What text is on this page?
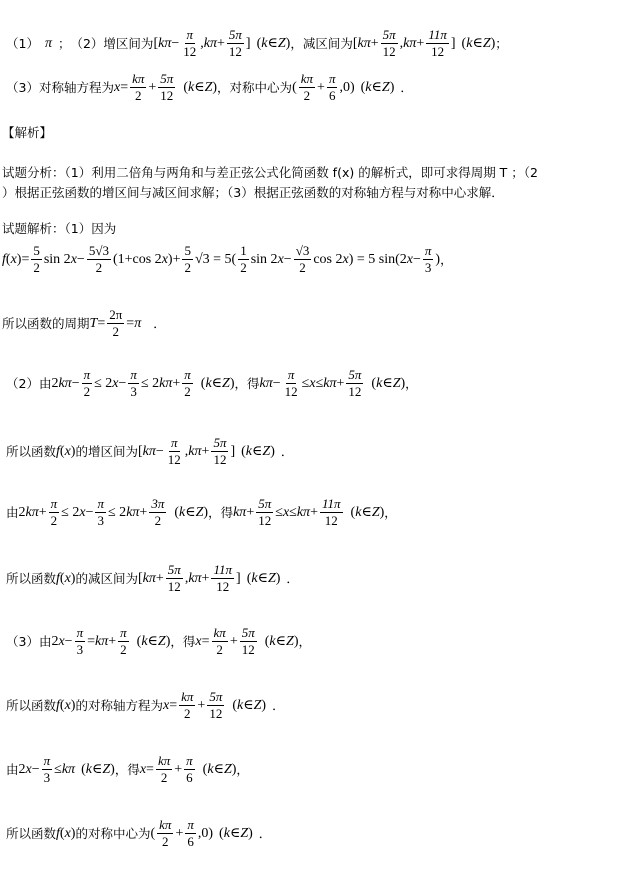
（1） π ； （2）增区间为 [ $k\pi - \frac{\pi}{12}$ , $k\pi + \frac{5\pi}{12}$ ] ( k ∈ Z ) ，减区间为 [ $k\pi + \frac{5\pi}{12}$ , $k\pi + \frac{11\pi}{12}$ ] ( k ∈ Z ) ；
（3）对称轴方程为 $x = \frac{k\pi}{2} + \frac{5\pi}{12}$ ( k ∈ Z ) ，对称中心为 ( $\frac{k\pi}{2} + \frac{\pi}{6} ,0$) ( k ∈ Z ) ．
【解析】
试题分析：（1）利用二倍角与两角和与差正弦公式化简函数 f(x) 的解析式，即可求得周期 T ；（2
）根据正弦函数的增区间与减区间求解；（3）根据正弦函数的对称轴方程与对称中心求解．
试题解析：（1）因为
f ( x )= $\frac{5}{2}$ sin 2 $x - \frac{5√3}{2} (1+\cos$ 2 x )+ $\frac{5}{2} √3 = 5( \frac{1}{2}$ sin 2 $x - \frac{√3}{2}$ cos 2 x ) = 5 sin(2 $x - \frac{\pi}{3}$ ) ，
所以函数的周期 $T = \frac{2\pi}{2} = \pi$ ．
（2）由 2 $k\pi - \frac{\pi}{2} \le 2$ $x - \frac{\pi}{3} \le 2$ $k\pi + \frac{\pi}{2}$ ( k ∈ Z ) ，得 $k\pi - \frac{\pi}{12} \le x \le k\pi + \frac{5\pi}{12}$ ( k ∈ Z ) ，
所以函数 f ( x ) 的增区间为 [ $k\pi - \frac{\pi}{12}$ , $k\pi + \frac{5\pi}{12}$ ] ( k ∈ Z ) ．
由 2 $k\pi + \frac{\pi}{2} \le 2$ $x - \frac{\pi}{3} \le 2$ $k\pi + \frac{3\pi}{2}$ ( k ∈ Z ) ，得 $k\pi + \frac{5\pi}{12} \le x \le k\pi + \frac{11\pi}{12}$ ( k ∈ Z ) ，
所以函数 f ( x ) 的减区间为 [ $k\pi + \frac{5\pi}{12}$ , $k\pi + \frac{11\pi}{12}$ ] ( k ∈ Z ) ．
（3）由 2 $x - \frac{\pi}{3} = k\pi + \frac{\pi}{2}$ ( k ∈ Z ) ，得 $x = \frac{k\pi}{2} + \frac{5\pi}{12}$ ( k ∈ Z ) ，
所以函数 f ( x ) 的对称轴方程为 $x = \frac{k\pi}{2} + \frac{5\pi}{12}$ ( k ∈ Z ) ．
由 2 $x - \frac{\pi}{3} \le k\pi$ ( k ∈ Z ) ，得 $x = \frac{k\pi}{2} + \frac{\pi}{6}$ ( k ∈ Z ) ，
所以函数 f ( x ) 的对称中心为 ( $\frac{k\pi}{2} + \frac{\pi}{6} ,0$) ( k ∈ Z ) ．
